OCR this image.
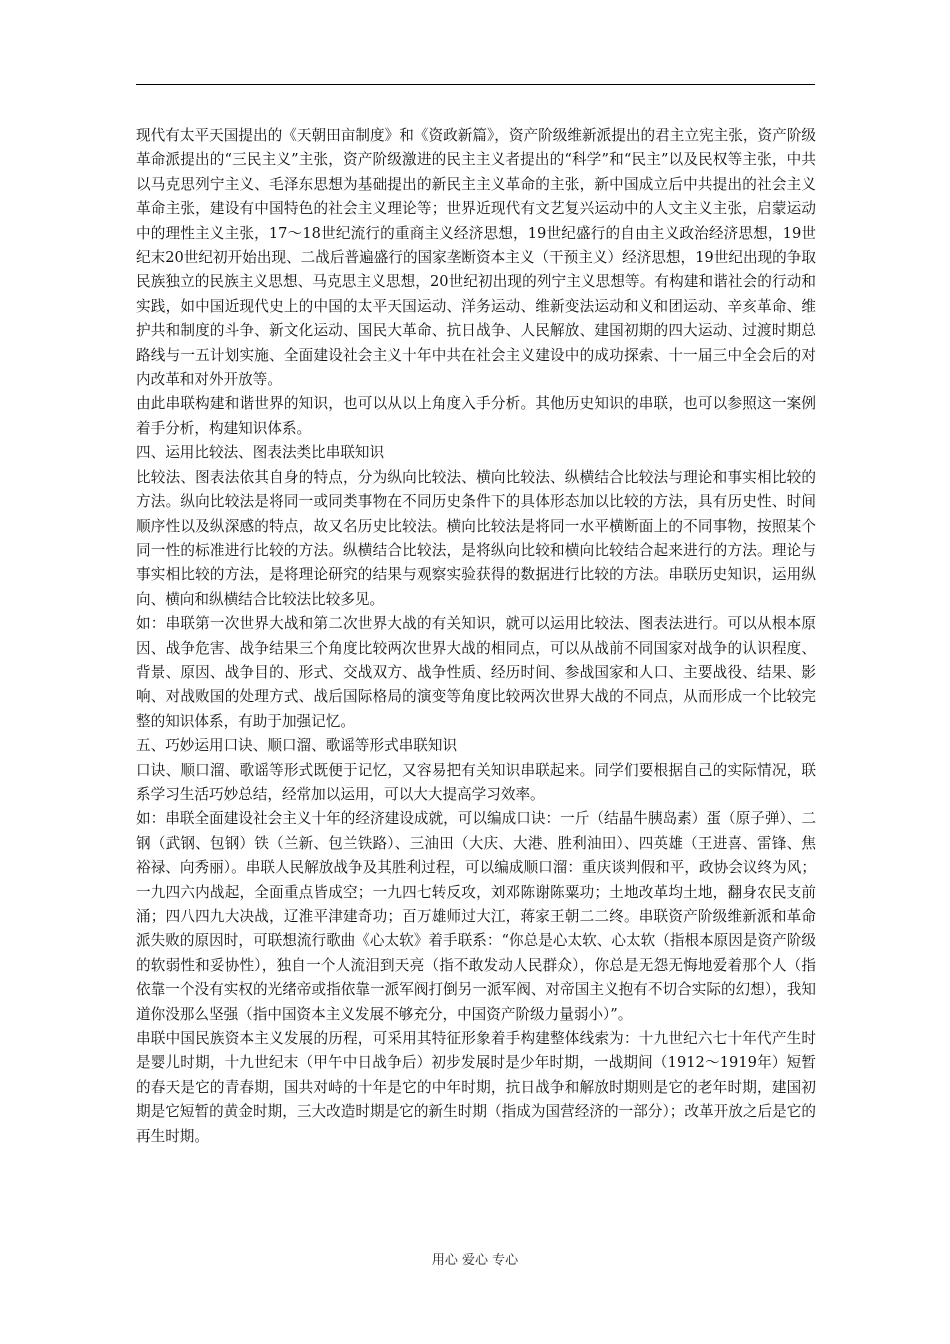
现代有太平天国提出的《天朝田亩制度》和《资政新篇》，资产阶级维新派提出的君主立宪主张，资产阶级革命派提出的“三民主义”主张，资产阶级激进的民主主义者提出的“科学”和“民主”以及民权等主张，中共以马克思列宁主义、毛泽东思想为基础提出的新民主主义革命的主张，新中国成立后中共提出的社会主义革命主张，建设有中国特色的社会主义理论等；世界近现代有文艺复兴运动中的人文主义主张，启蒙运动中的理性主义主张，17～18世纪流行的重商主义经济思想，19世纪盛行的自由主义政治经济思想，19世纪末20世纪初开始出现、二战后普遍盛行的国家垄断资本主义（干预主义）经济思想，19世纪出现的争取民族独立的民族主义思想、马克思主义思想，20世纪初出现的列宁主义思想等。有构建和谐社会的行动和实践，如中国近现代史上的中国的太平天国运动、洋务运动、维新变法运动和义和团运动、辛亥革命、维护共和制度的斗争、新文化运动、国民大革命、抗日战争、人民解放、建国初期的四大运动、过渡时期总路线与一五计划实施、全面建设社会主义十年中共在社会主义建设中的成功探索、十一届三中全会后的对内改革和对外开放等。

由此串联构建和谐世界的知识，也可以从以上角度入手分析。其他历史知识的串联，也可以参照这一案例着手分析，构建知识体系。

四、运用比较法、图表法类比串联知识

比较法、图表法依其自身的特点，分为纵向比较法、横向比较法、纵横结合比较法与理论和事实相比较的方法。纵向比较法是将同一或同类事物在不同历史条件下的具体形态加以比较的方法，具有历史性、时间顺序性以及纵深感的特点，故又名历史比较法。横向比较法是将同一水平横断面上的不同事物，按照某个同一性的标准进行比较的方法。纵横结合比较法，是将纵向比较和横向比较结合起来进行的方法。理论与事实相比较的方法，是将理论研究的结果与观察实验获得的数据进行比较的方法。串联历史知识，运用纵向、横向和纵横结合比较法比较多见。

如：串联第一次世界大战和第二次世界大战的有关知识，就可以运用比较法、图表法进行。可以从根本原因、战争危害、战争结果三个角度比较两次世界大战的相同点，可以从战前不同国家对战争的认识程度、背景、原因、战争目的、形式、交战双方、战争性质、经历时间、参战国家和人口、主要战役、结果、影响、对战败国的处理方式、战后国际格局的演变等角度比较两次世界大战的不同点，从而形成一个比较完整的知识体系，有助于加强记忆。

五、巧妙运用口诀、顺口溜、歌谣等形式串联知识

口诀、顺口溜、歌谣等形式既便于记忆，又容易把有关知识串联起来。同学们要根据自己的实际情况，联系学习生活巧妙总结，经常加以运用，可以大大提高学习效率。

如：串联全面建设社会主义十年的经济建设成就，可以编成口诀：一斤（结晶牛胰岛素）蛋（原子弹）、二钢（武钢、包钢）铁（兰新、包兰铁路）、三油田（大庆、大港、胜利油田）、四英雄（王进喜、雷锋、焦裕禄、向秀丽）。串联人民解放战争及其胜利过程，可以编成顺口溜：重庆谈判假和平，政协会议终为风；一九四六内战起，全面重点皆成空；一九四七转反攻，刘邓陈谢陈粟功；土地改革均土地，翻身农民支前涌；四八四九大决战，辽淮平津建奇功；百万雄师过大江，蒋家王朝二二终。串联资产阶级维新派和革命派失败的原因时，可联想流行歌曲《心太软》着手联系：“你总是心太软、心太软（指根本原因是资产阶级的软弱性和妥协性），独自一个人流泪到天亮（指不敢发动人民群众），你总是无怨无悔地爱着那个人（指依靠一个没有实权的光绪帝或指依靠一派军阀打倒另一派军阀、对帝国主义抱有不切合实际的幻想），我知道你没那么坚强（指中国资本主义发展不够充分，中国资产阶级力量弱小）”。

串联中国民族资本主义发展的历程，可采用其特征形象着手构建整体线索为：十九世纪六七十年代产生时是婴儿时期，十九世纪末（甲午中日战争后）初步发展时是少年时期，一战期间（1912～1919年）短暂的春天是它的青春期，国共对峙的十年是它的中年时期，抗日战争和解放时期则是它的老年时期，建国初期是它短暂的黄金时期，三大改造时期是它的新生时期（指成为国营经济的一部分）；改革开放之后是它的再生时期。

用心 爱心 专心
